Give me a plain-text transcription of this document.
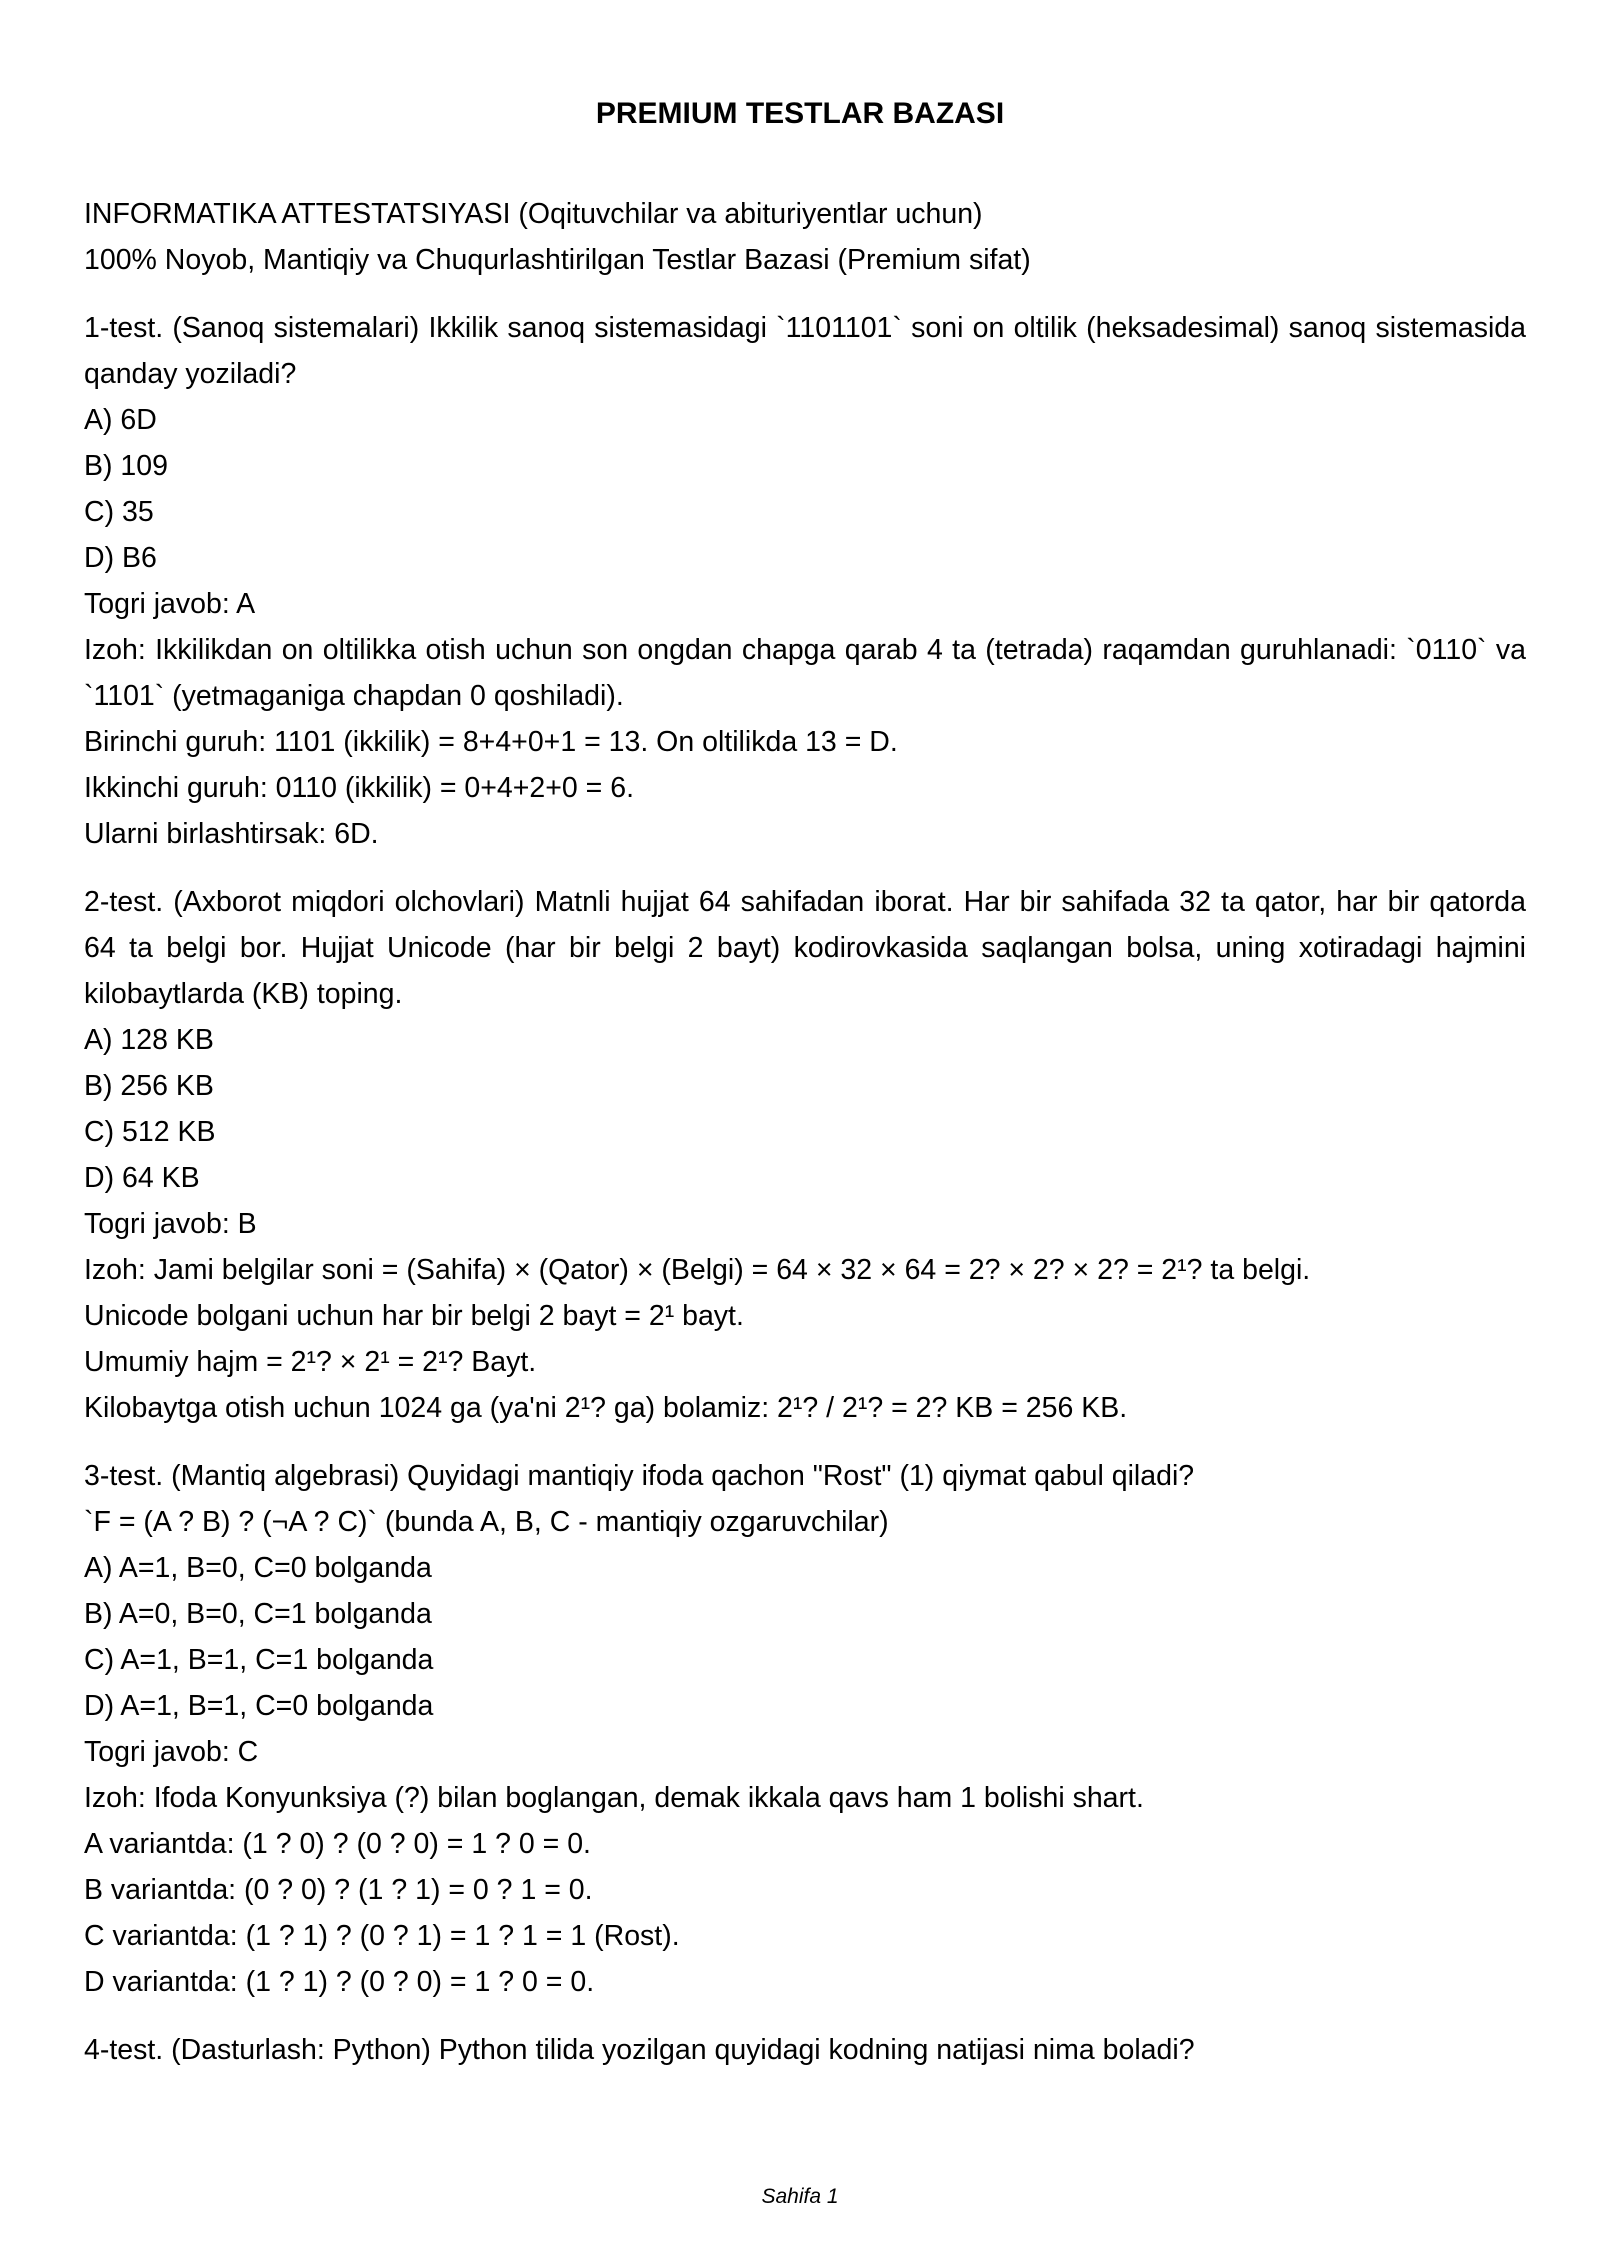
PREMIUM TESTLAR BAZASI
INFORMATIKA ATTESTATSIYASI (Oqituvchilar va abituriyentlar uchun)
100% Noyob, Mantiqiy va Chuqurlashtirilgan Testlar Bazasi (Premium sifat)
1-test. (Sanoq sistemalari) Ikkilik sanoq sistemasidagi `1101101` soni on oltilik (heksadesimal) sanoq sistemasida qanday yoziladi?
A) 6D
B) 109
C) 35
D) B6
Togri javob: A
Izoh: Ikkilikdan on oltilikka otish uchun son ongdan chapga qarab 4 ta (tetrada) raqamdan guruhlanadi: `0110` va `1101` (yetmaganiga chapdan 0 qoshiladi).
Birinchi guruh: 1101 (ikkilik) = 8+4+0+1 = 13. On oltilikda 13 = D.
Ikkinchi guruh: 0110 (ikkilik) = 0+4+2+0 = 6.
Ularni birlashtirsak: 6D.
2-test. (Axborot miqdori olchovlari) Matnli hujjat 64 sahifadan iborat. Har bir sahifada 32 ta qator, har bir qatorda 64 ta belgi bor. Hujjat Unicode (har bir belgi 2 bayt) kodirovkasida saqlangan bolsa, uning xotiradagi hajmini kilobaytlarda (KB) toping.
A) 128 KB
B) 256 KB
C) 512 KB
D) 64 KB
Togri javob: B
Izoh: Jami belgilar soni = (Sahifa) × (Qator) × (Belgi) = 64 × 32 × 64 = 2? × 2? × 2? = 2¹? ta belgi.
Unicode bolgani uchun har bir belgi 2 bayt = 2¹ bayt.
Umumiy hajm = 2¹? × 2¹ = 2¹? Bayt.
Kilobaytga otish uchun 1024 ga (ya'ni 2¹? ga) bolamiz: 2¹? / 2¹? = 2? KB = 256 KB.
3-test. (Mantiq algebrasi) Quyidagi mantiqiy ifoda qachon "Rost" (1) qiymat qabul qiladi?
`F = (A ? B) ? (¬A ? C)` (bunda A, B, C - mantiqiy ozgaruvchilar)
A) A=1, B=0, C=0 bolganda
B) A=0, B=0, C=1 bolganda
C) A=1, B=1, C=1 bolganda
D) A=1, B=1, C=0 bolganda
Togri javob: C
Izoh: Ifoda Konyunksiya (?) bilan boglangan, demak ikkala qavs ham 1 bolishi shart.
A variantda: (1 ? 0) ? (0 ? 0) = 1 ? 0 = 0.
B variantda: (0 ? 0) ? (1 ? 1) = 0 ? 1 = 0.
C variantda: (1 ? 1) ? (0 ? 1) = 1 ? 1 = 1 (Rost).
D variantda: (1 ? 1) ? (0 ? 0) = 1 ? 0 = 0.
4-test. (Dasturlash: Python) Python tilida yozilgan quyidagi kodning natijasi nima boladi?
Sahifa 1
